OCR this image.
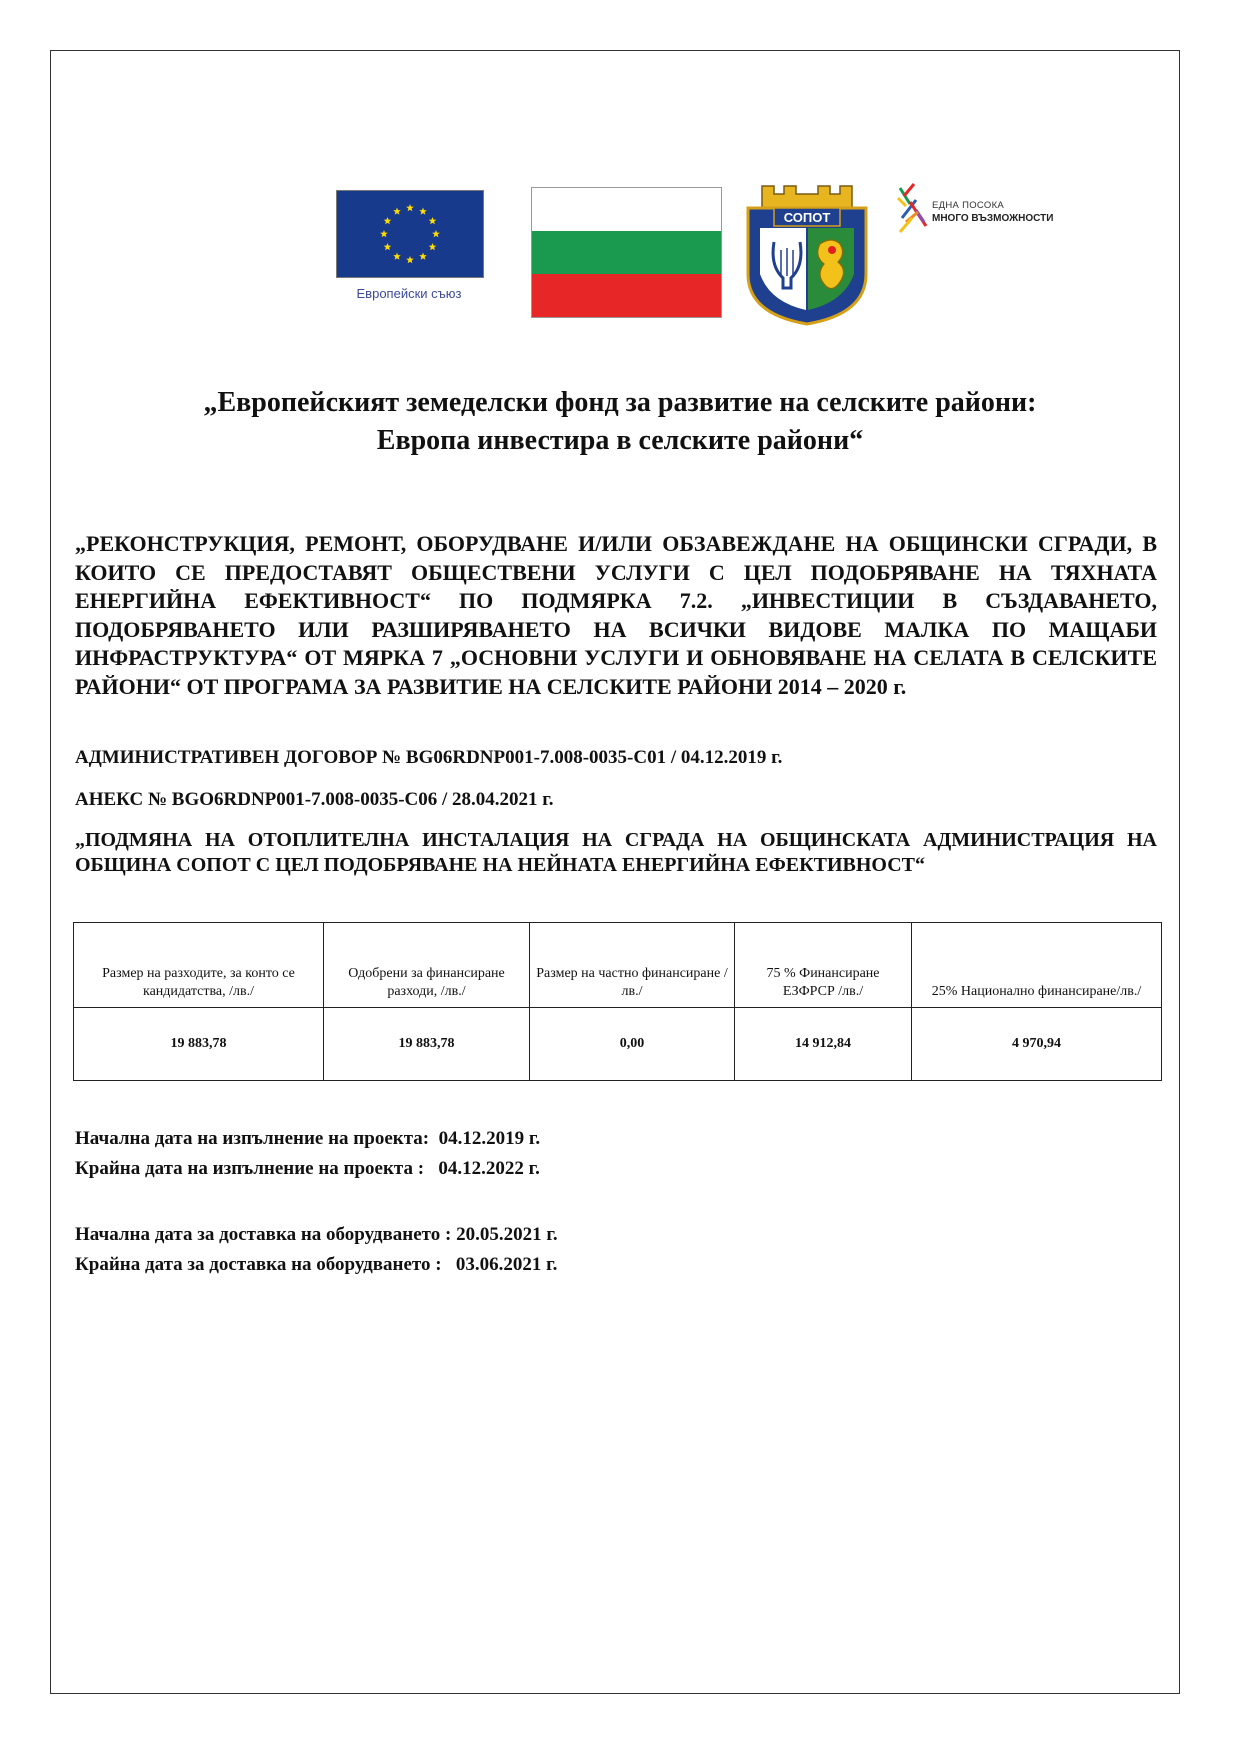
Европейски съюз
СОПОТ
ЕДНА ПОСОКА
МНОГО ВЪЗМОЖНОСТИ
„Европейският земеделски фонд за развитие на селските райони:
Европа инвестира в селските райони“
„РЕКОНСТРУКЦИЯ, РЕМОНТ, ОБОРУДВАНЕ И/ИЛИ ОБЗАВЕЖДАНЕ НА ОБЩИНСКИ СГРАДИ, В КОИТО СЕ ПРЕДОСТАВЯТ ОБЩЕСТВЕНИ УСЛУГИ С ЦЕЛ ПОДОБРЯВАНЕ НА ТЯХНАТА ЕНЕРГИЙНА ЕФЕКТИВНОСТ“ ПО ПОДМЯРКА 7.2. „ИНВЕСТИЦИИ В СЪЗДАВАНЕТО, ПОДОБРЯВАНЕТО ИЛИ РАЗШИРЯВАНЕТО НА ВСИЧКИ ВИДОВЕ МАЛКА ПО МАЩАБИ ИНФРАСТРУКТУРА“ ОТ МЯРКА 7 „ОСНОВНИ УСЛУГИ И ОБНОВЯВАНЕ НА СЕЛАТА В СЕЛСКИТЕ РАЙОНИ“ ОТ ПРОГРАМА ЗА РАЗВИТИЕ НА СЕЛСКИТЕ РАЙОНИ 2014 – 2020 г.
АДМИНИСТРАТИВЕН ДОГОВОР № BG06RDNP001-7.008-0035-C01 / 04.12.2019 г.
АНЕКС № BGO6RDNP001-7.008-0035-C06 / 28.04.2021 г.
„ПОДМЯНА НА ОТОПЛИТЕЛНА ИНСТАЛАЦИЯ НА СГРАДА НА ОБЩИНСКАТА АДМИНИСТРАЦИЯ НА ОБЩИНА СОПОТ С ЦЕЛ ПОДОБРЯВАНЕ НА НЕЙНАТА ЕНЕРГИЙНА ЕФЕКТИВНОСТ“
Размер на разходите, за конто се кандидатства, /лв./	Одобрени за финансиране разходи, /лв./	Размер на частно финансиране /лв./	75 % Финансиране ЕЗФРСР /лв./	25% Национално финансиране/лв./
19 883,78	19 883,78	0,00	14 912,84	4 970,94
Начална дата на изпълнение на проекта:  04.12.2019 г.
Крайна дата на изпълнение на проекта :   04.12.2022 г.
Начална дата за доставка на оборудването : 20.05.2021 г.
Крайна дата за доставка на оборудването :   03.06.2021 г.
